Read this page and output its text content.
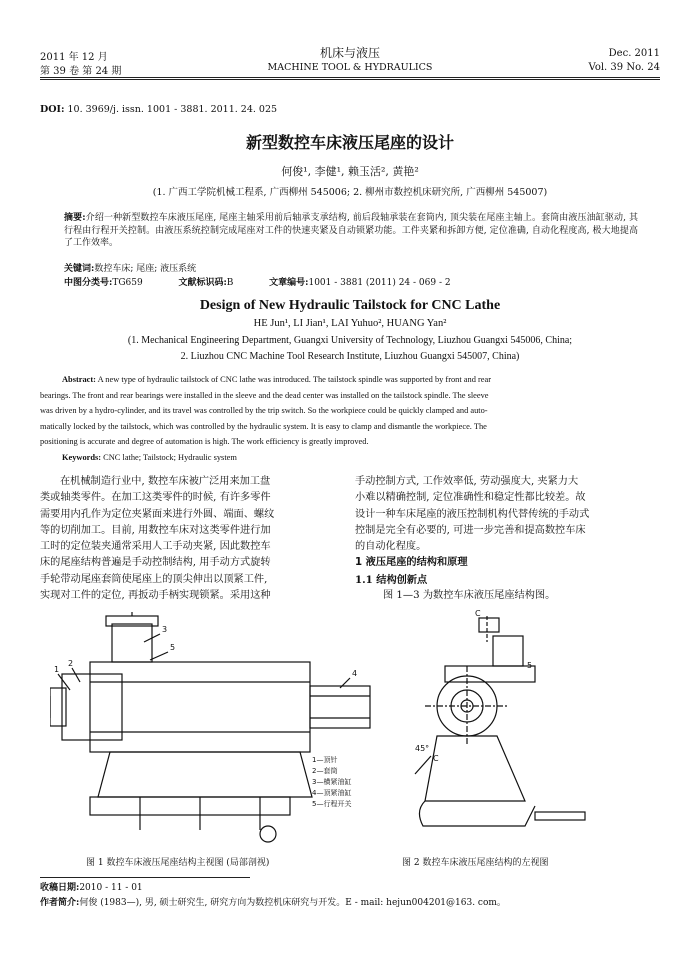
2011 年 12 月
第 39 卷 第 24 期
机床与液压
MACHINE TOOL & HYDRAULICS
Dec. 2011
Vol. 39 No. 24
DOI: 10. 3969/j. issn. 1001 - 3881. 2011. 24. 025
新型数控车床液压尾座的设计
何俊¹, 李健¹, 赖玉活², 黄艳²
(1. 广西工学院机械工程系, 广西柳州 545006; 2. 柳州市数控机床研究所, 广西柳州 545007)
摘要:介绍一种新型数控车床液压尾座, 尾座主轴采用前后轴承支承结构, 前后段轴承装在套筒内, 顶尖装在尾座主轴上。套筒由液压油缸驱动, 其行程由行程开关控制。由液压系统控制完成尾座对工件的快速夹紧及自动锁紧功能。工件夹紧和拆卸方便, 定位准确, 自动化程度高, 极大地提高了工作效率。
关键词:数控车床; 尾座; 液压系统
中图分类号:TG659	文献标识码:B	文章编号:1001 - 3881 (2011) 24 - 069 - 2
Design of New Hydraulic Tailstock for CNC Lathe
HE Jun¹, LI Jian¹, LAI Yuhuo², HUANG Yan²
(1. Mechanical Engineering Department, Guangxi University of Technology, Liuzhou Guangxi 545006, China;
2. Liuzhou CNC Machine Tool Research Institute, Liuzhou Guangxi 545007, China)
Abstract: A new type of hydraulic tailstock of CNC lathe was introduced. The tailstock spindle was supported by front and rear
bearings. The front and rear bearings were installed in the sleeve and the dead center was installed on the tailstock spindle. The sleeve
was driven by a hydro-cylinder, and its travel was controlled by the trip switch. So the workpiece could be quickly clamped and auto-
matically locked by the tailstock, which was controlled by the hydraulic system. It is easy to clamp and dismantle the workpiece. The
positioning is accurate and degree of automation is high. The work efficiency is greatly improved.
Keywords: CNC lathe; Tailstock; Hydraulic system
在机械制造行业中, 数控车床被广泛用来加工盘
类或轴类零件。在加工这类零件的时候, 有许多零件
需要用内孔作为定位夹紧面来进行外圆、端面、螺纹
等的切削加工。目前, 用数控车床对这类零件进行加
工时的定位装夹通常采用人工手动夹紧, 因此数控车
床的尾座结构普遍是手动控制结构, 用手动方式旋转
手轮带动尾座套筒使尾座上的顶尖伸出以顶紧工件,
实现对工件的定位, 再扳动手柄实现锁紧。采用这种
手动控制方式, 工作效率低, 劳动强度大, 夹紧力大
小难以精确控制, 定位准确性和稳定性都比较差。故
设计一种车床尾座的液压控制机构代替传统的手动式
控制是完全有必要的, 可进一步完善和提高数控车床
的自动化程度。
1 液压尾座的结构和原理
1.1 结构创新点
图 1—3 为数控车床液压尾座结构图。
1
2
3
4
5
1—顶针
2—套筒
3—横紧油缸
4—顶紧油缸
5—行程开关
C
C
5
45°
图 1 数控车床液压尾座结构主视图 (局部剖视)	图 2 数控车床液压尾座结构的左视图
收稿日期:2010 - 11 - 01
作者简介:何俊 (1983—), 男, 硕士研究生, 研究方向为数控机床研究与开发。E - mail: hejun004201@163. com。
